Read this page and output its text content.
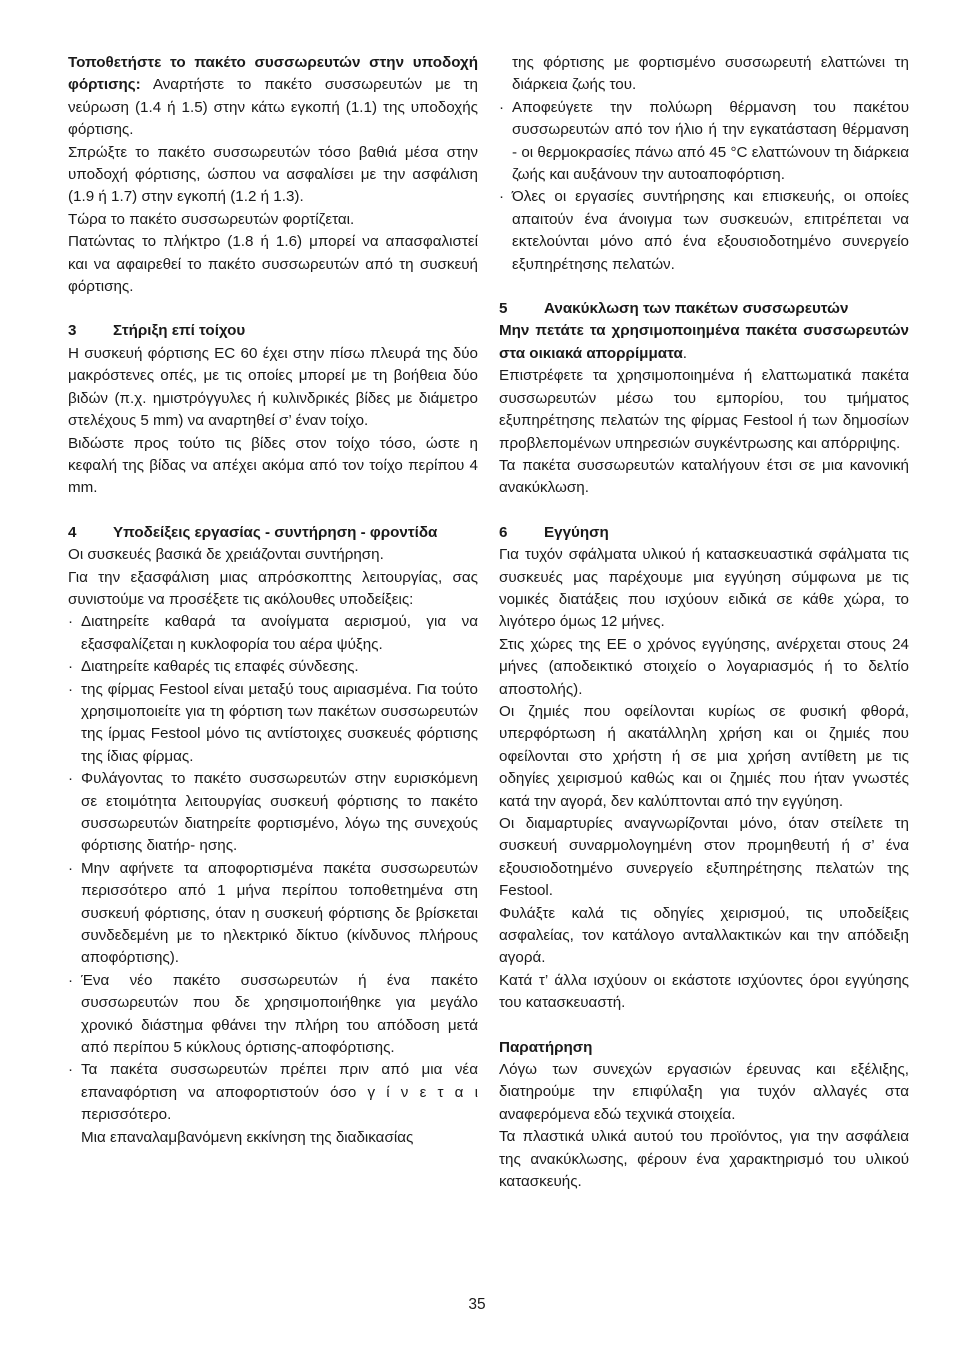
Τοποθετήστε το πακέτο συσσωρευτών στην υποδοχή φόρτισης: Αναρτήστε το πακέτο συσσωρευτών με τη νεύρωση (1.4 ή 1.5) στην κάτω εγκοπή (1.1) της υποδοχής φόρτισης.

Σπρώξτε το πακέτο συσσωρευτών τόσο βαθιά μέσα στην υποδοχή φόρτισης, ώσπου να ασφαλίσει με την ασφάλιση (1.9 ή 1.7) στην εγκοπή (1.2 ή 1.3).

Τώρα το πακέτο συσσωρευτών φορτίζεται.

Πατώντας το πλήκτρο (1.8 ή 1.6) μπορεί να απασφαλιστεί και να αφαιρεθεί το πακέτο συσσωρευτών από τη συσκευή φόρτισης.

3	Στήριξη επί τοίχου

Η συσκευή φόρτισης EC 60 έχει στην πίσω πλευρά της δύο μακρόστενες οπές, με τις οποίες μπορεί με τη βοήθεια δύο βιδών (π.χ. ημιστρόγγυλες ή κυλινδρικές βίδες με διάμετρο στελέχους 5 mm) να αναρτηθεί σ’ έναν τοίχο.

Βιδώστε προς τούτο τις βίδες στον τοίχο τόσο, ώστε η κεφαλή της βίδας να απέχει ακόμα από τον τοίχο περίπου 4 mm.

4	Υποδείξεις εργασίας - συντήρηση - φροντίδα

Οι συσκευές βασικά δε χρειάζονται συντήρηση.

Για την εξασφάλιση μιας απρόσκοπτης λειτουργίας, σας συνιστούμε να προσέξετε τις ακόλουθες υποδείξεις:

· Διατηρείτε καθαρά τα ανοίγματα αερισμού, για να εξασφαλίζεται η κυκλοφορία του αέρα ψύξης.
· Διατηρείτε καθαρές τις επαφές σύνδεσης.
· της φίρμας Festool είναι μεταξύ τους αιριασμένα. Για τούτο χρησιμοποιείτε για τη φόρτιση των πακέτων συσσωρευτών της ίρμας Festool μόνο τις αντίστοιχες συσκευές φόρτισης της ίδιας φίρμας.
· Φυλάγοντας το πακέτο συσσωρευτών στην ευρισκόμενη σε ετοιμότητα λειτουργίας συσκευή φόρτισης το πακέτο συσσωρευτών διατηρείτε φορτισμένο, λόγω της συνεχούς φόρτισης διατήρ- ησης.
· Μην αφήνετε τα αποφορτισμένα πακέτα συσσωρευτών περισσότερο από 1 μήνα περίπου τοποθετημένα στη συσκευή φόρτισης, όταν η συσκευή φόρτισης δε βρίσκεται συνδεδεμένη με το ηλεκτρικό δίκτυο (κίνδυνος πλήρους αποφόρτισης).
· Ένα νέο πακέτο συσσωρευτών ή ένα πακέτο συσσωρευτών που δε χρησιμοποιήθηκε για μεγάλο χρονικό διάστημα φθάνει την πλήρη του απόδοση μετά από περίπου 5 κύκλους όρτισης-αποφόρτισης.
· Τα πακέτα συσσωρευτών πρέπει πριν από μια νέα επαναφόρτιση να αποφορτιστούν όσο γ ί ν ε τ α ι περισσότερο.

Μια επαναλαμβανόμενη εκκίνηση της διαδικασίας

της φόρτισης με φορτισμένο συσσωρευτή ελαττώνει τη διάρκεια ζωής του.

· Αποφεύγετε την πολύωρη θέρμανση του πακέτου συσσωρευτών από τον ήλιο ή την εγκατάσταση θέρμανση - οι θερμοκρασίες πάνω από 45 °C ελαττώνουν τη διάρκεια ζωής και αυξάνουν την αυτοαποφόρτιση.
· Όλες οι εργασίες συντήρησης και επισκευής, οι οποίες απαιτούν ένα άνοιγμα των συσκευών, επιτρέπεται να εκτελούνται μόνο από ένα εξουσιοδοτημένο συνεργείο εξυπηρέτησης πελατών.
5	Ανακύκλωση των πακέτων συσσωρευτών

Μην πετάτε τα χρησιμοποιημένα πακέτα συσσωρευτών στα οικιακά απορρίμματα.

Επιστρέφετε τα χρησιμοποιημένα ή ελαττωματικά πακέτα συσσωρευτών μέσω του εμπορίου, του τμήματος εξυπηρέτησης πελατών της φίρμας Festool ή των δημοσίων προβλεπομένων υπηρεσιών συγκέντρωσης και απόρριψης.

Τα πακέτα συσσωρευτών καταλήγουν έτσι σε μια κανονική ανακύκλωση.

6	Εγγύηση

Για τυχόν σφάλματα υλικού ή κατασκευαστικά σφάλματα τις συσκευές μας παρέχουμε μια εγγύηση σύμφωνα με τις νομικές διατάξεις που ισχύουν ειδικά σε κάθε χώρα, το λιγότερο όμως 12 μήνες.

Στις χώρες της ΕΕ ο χρόνος εγγύησης, ανέρχεται στους 24 μήνες (αποδεικτικό στοιχείο ο λογαριασμός ή το δελτίο αποστολής).

Οι ζημιές που οφείλονται κυρίως σε φυσική φθορά, υπερφόρτωση ή ακατάλληλη χρήση και οι ζημιές που οφείλονται στο χρήστη ή σε μια χρήση αντίθετη με τις οδηγίες χειρισμού καθώς και οι ζημιές που ήταν γνωστές κατά την αγορά, δεν καλύπτονται από την εγγύηση.

Οι διαμαρτυρίες αναγνωρίζονται μόνο, όταν στείλετε τη συσκευή συναρμολογημένη στον προμηθευτή ή σ’ ένα εξουσιοδοτημένο συνεργείο εξυπηρέτησης πελατών της Festool.

Φυλάξτε καλά τις οδηγίες χειρισμού, τις υποδείξεις ασφαλείας, τον κατάλογο ανταλλακτικών και την απόδειξη αγορά.

Κατά τ’ άλλα ισχύουν οι εκάστοτε ισχύοντες όροι εγγύησης του κατασκευαστή.

Παρατήρηση

Λόγω των συνεχών εργασιών έρευνας και εξέλιξης, διατηρούμε την επιφύλαξη για τυχόν αλλαγές στα αναφερόμενα εδώ τεχνικά στοιχεία.

Τα πλαστικά υλικά αυτού του προϊόντος, για την ασφάλεια της ανακύκλωσης, φέρουν ένα χαρακτηρισμό του υλικού κατασκευής.

35
